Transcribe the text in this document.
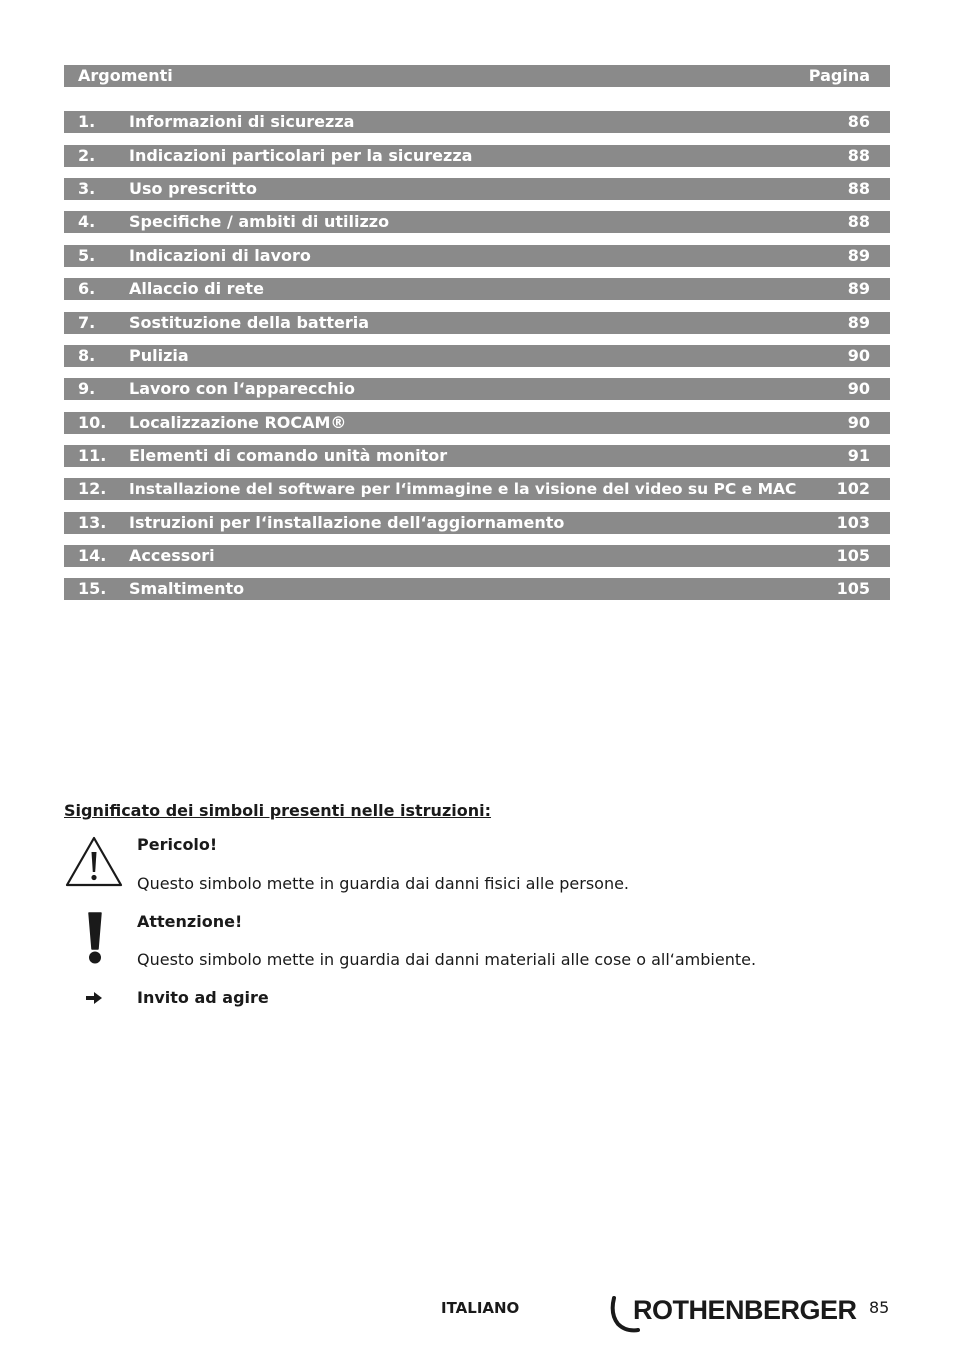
Argomenti	Pagina
1. Informazioni di sicurezza	86
2. Indicazioni particolari per la sicurezza	88
3. Uso prescritto	88
4. Specifiche / ambiti di utilizzo	88
5. Indicazioni di lavoro	89
6. Allaccio di rete	89
7. Sostituzione della batteria	89
8. Pulizia	90
9. Lavoro con l‘apparecchio	90
10. Localizzazione ROCAM®	90
11. Elementi di comando unità monitor	91
12. Installazione del software per l‘immagine e la visione del video su PC e MAC	102
13. Istruzioni per l‘installazione dell‘aggiornamento	103
14. Accessori	105
15. Smaltimento	105
Significato dei simboli presenti nelle istruzioni:
Pericolo!
Questo simbolo mette in guardia dai danni fisici alle persone.
Attenzione!
Questo simbolo mette in guardia dai danni materiali alle cose o all‘ambiente.
Invito ad agire
ITALIANO	ROTHENBERGER 85
